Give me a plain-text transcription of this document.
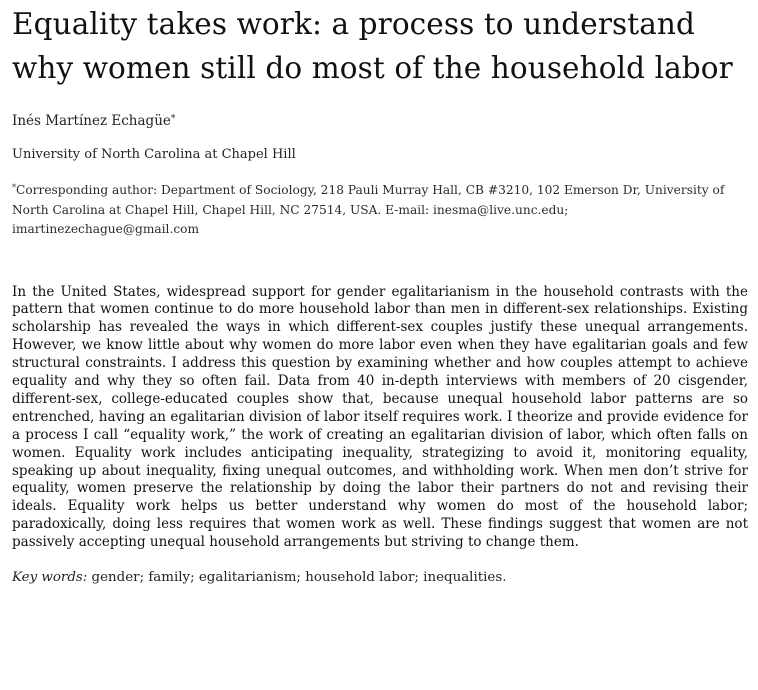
Equality takes work: a process to understand why women still do most of the household labor
Inés Martínez Echagüe*
University of North Carolina at Chapel Hill
*Corresponding author: Department of Sociology, 218 Pauli Murray Hall, CB #3210, 102 Emerson Dr, University of North Carolina at Chapel Hill, Chapel Hill, NC 27514, USA. E-mail: inesma@live.unc.edu; imartinezechague@gmail.com

In the United States, widespread support for gender egalitarianism in the household contrasts with the pattern that women continue to do more household labor than men in different-sex relationships. Existing scholarship has revealed the ways in which different-sex couples justify these unequal arrangements. However, we know little about why women do more labor even when they have egalitarian goals and few structural constraints. I address this question by examining whether and how couples attempt to achieve equality and why they so often fail. Data from 40 in-depth interviews with members of 20 cisgender, different-sex, college-educated couples show that, because unequal household labor patterns are so entrenched, having an egalitarian division of labor itself requires work. I theorize and provide evidence for a process I call “equality work,” the work of creating an egalitarian division of labor, which often falls on women. Equality work includes anticipating inequality, strategizing to avoid it, monitoring equality, speaking up about inequality, fixing unequal outcomes, and withholding work. When men don’t strive for equality, women preserve the relationship by doing the labor their partners do not and revising their ideals. Equality work helps us better understand why women do most of the household labor; paradoxically, doing less requires that women work as well. These findings suggest that women are not passively accepting unequal household arrangements but striving to change them.

Key words: gender; family; egalitarianism; household labor; inequalities.
